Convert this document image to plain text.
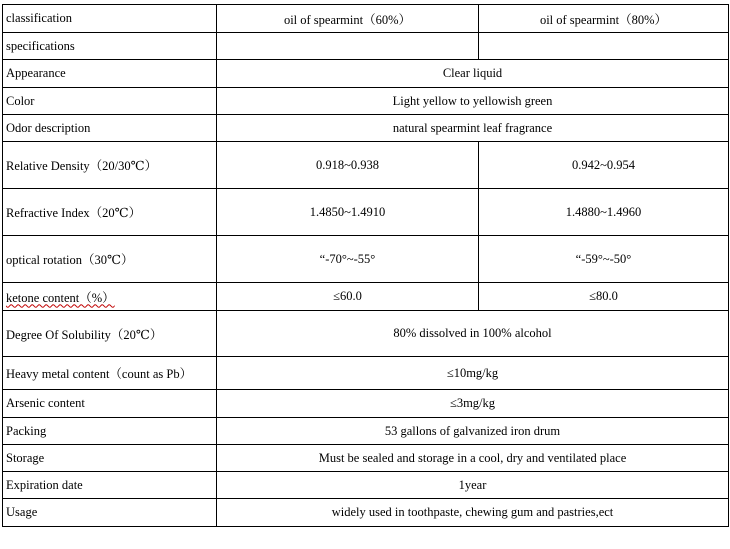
classification	oil of spearmint（60%）	oil of spearmint（80%）
specifications		
Appearance	Clear liquid	
Color	Light yellow to yellowish green	
Odor description	natural spearmint leaf fragrance	
Relative Density（20/30℃）	0.918~0.938	0.942~0.954
Refractive Index（20℃）	1.4850~1.4910	1.4880~1.4960
optical rotation（30℃）	“-70°~-55°	“-59°~-50°
ketone content（%）	≤60.0	≤80.0
Degree Of Solubility（20℃）	80% dissolved in 100% alcohol	
Heavy metal content（count as Pb）	≤10mg/kg	
Arsenic content	≤3mg/kg	
Packing	53 gallons of galvanized iron drum	
Storage	Must be sealed and storage in a cool, dry and ventilated place	
Expiration date	1year	
Usage	widely used in toothpaste, chewing gum and pastries,ect	
